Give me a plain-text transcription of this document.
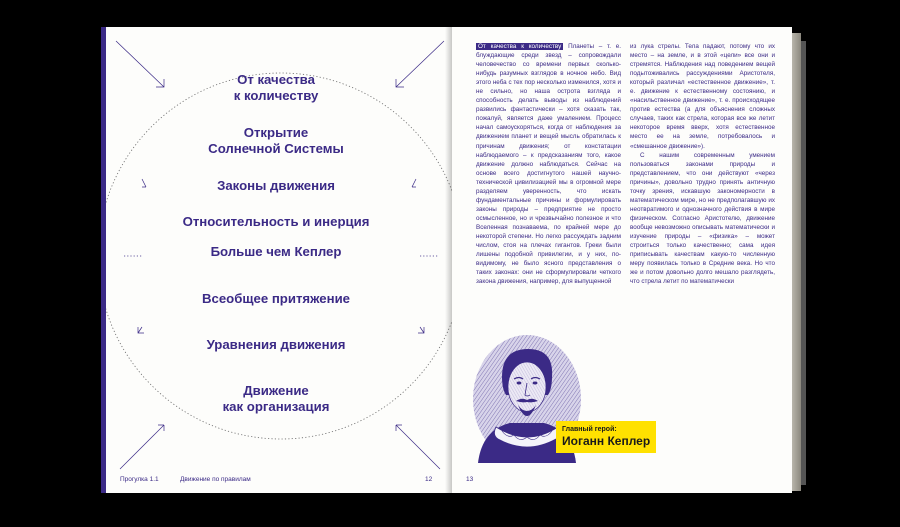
От качества
к количеству
Открытие
Солнечной Системы
Законы движения
Относительность и инерция
Больше чем Кеплер
Всеобщее притяжение
Уравнения движения
Движение
как организация
Прогулка 1.1	Движение по правилам	12

От качества к количеству Планеты – т. е. блуждающие среди звезд – сопровождали человечество со времени первых сколько-нибудь разумных взглядов в ночное небо. Вид этого неба с тех пор несколько изменился, хотя и не сильно, но наша острота взгляда и способность делать выводы из наблюдений развились фантастически – хотя сказать так, пожалуй, является даже умалением. Процесс начал самоускоряться, когда от наблюдения за движением планет и вещей мысль обратилась к причинам движения; от констатации наблюдаемого – к предсказаниям того, какое движение должно наблюдаться. Сейчас на основе всего достигнутого нашей научно-технической цивилизацией мы в огромной мере разделяем уверенность, что искать фундаментальные причины и формулировать законы природы – предприятие не просто осмысленное, но и чрезвычайно полезное и что Вселенная познаваема, по крайней мере до некоторой степени. Но легко рассуждать задним числом, стоя на плечах гигантов. Греки были лишены подобной привилегии, и у них, по-видимому, не было ясного представления о таких законах: они не сформулировали четкого закона движения, например, для выпущенной

из лука стрелы. Тела падают, потому что их место – на земле, и в этой «цели» все они и стремятся. Наблюдения над поведением вещей подытоживались рассуждениями Аристотеля, который различал «естественное движение», т. е. движение к естественному состоянию, и «насильственное движение», т. е. происходящее против естества (а для объяснения сложных случаев, таких как стрела, которая все же летит некоторое время вверх, хотя естественное место ее на земле, потребовалось и «смешанное движение»).

С нашим современным умением пользоваться законами природы и представлением, что они действуют «через причины», довольно трудно принять античную точку зрения, искавшую закономерности в математическом мире, но не предполагавшую их неотвратимого и однозначного действия в мире физическом. Согласно Аристотелю, движение вообще невозможно описывать математически и изучение природы – «физика» – может строиться только качественно; сама идея приписывать качествам какую-то численную меру появилась только в Средние века. Но что же и потом довольно долго мешало разглядеть, что стрела летит по математически

Главный герой:
Иоганн Кеплер
13
